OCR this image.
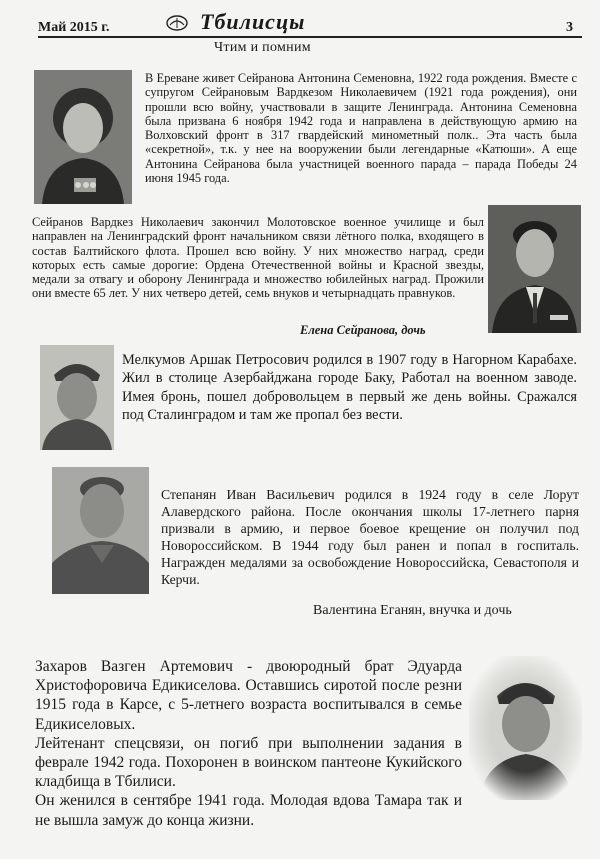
Май 2015 г.	Тбилисцы	3
Чтим и помним
В Ереване живет Сейранова Антонина Семеновна, 1922 года рождения. Вместе с супругом Сейрановым Вардкезом Николаевичем (1921 года рождения), они прошли всю войну, участвовали в защите Ленинграда. Антонина Семеновна была призвана 6 ноября 1942 года и направлена в действующую армию на Волховский фронт в 317 гвардейский минометный полк.. Эта часть была «секретной», т.к. у нее на вооружении были легендарные «Катюши». А еще Антонина Сейранова была участницей военного парада – парада Победы 24 июня 1945 года.
Сейранов Вардкез Николаевич закончил Молотовское военное училище и был направлен на Ленинградский фронт начальником связи лётного полка, входящего в состав Балтийского флота. Прошел всю войну. У них множество наград, среди которых есть самые дорогие: Ордена Отечественной войны и Красной звезды, медали за отвагу и оборону Ленинграда и множество юбилейных наград. Прожили они вместе 65 лет. У них четверо детей, семь внуков и четырнадцать правнуков.
Елена Сейранова, дочь
Мелкумов Аршак Петросович родился в 1907 году в Нагорном Карабахе. Жил в столице Азербайджана городе Баку, Работал на военном заводе. Имея бронь, пошел добровольцем в первый же день войны. Сражался под Сталинградом и там же пропал без вести.
Степанян Иван Васильевич родился в 1924 году в селе Лорут Алавердского района. После окончания школы 17-летнего парня призвали в армию, и первое боевое крещение он получил под Новороссийском. В 1944 году был ранен и попал в госпиталь. Награжден медалями за освобождение Новороссийска, Севастополя и Керчи.
Валентина Еганян, внучка и дочь
Захаров Вазген Артемович - двоюродный брат Эдуарда Христофоровича Едикиселова. Оставшись сиротой после резни 1915 года в Карсе, с 5-летнего возраста воспитывался в семье Едикиселовых.
Лейтенант спецсвязи, он погиб при выполнении задания в феврале 1942 года. Похоронен в воинском пантеоне Кукийского кладбища в Тбилиси.
Он женился в сентябре 1941 года. Молодая вдова Тамара так и не вышла замуж до конца жизни.
